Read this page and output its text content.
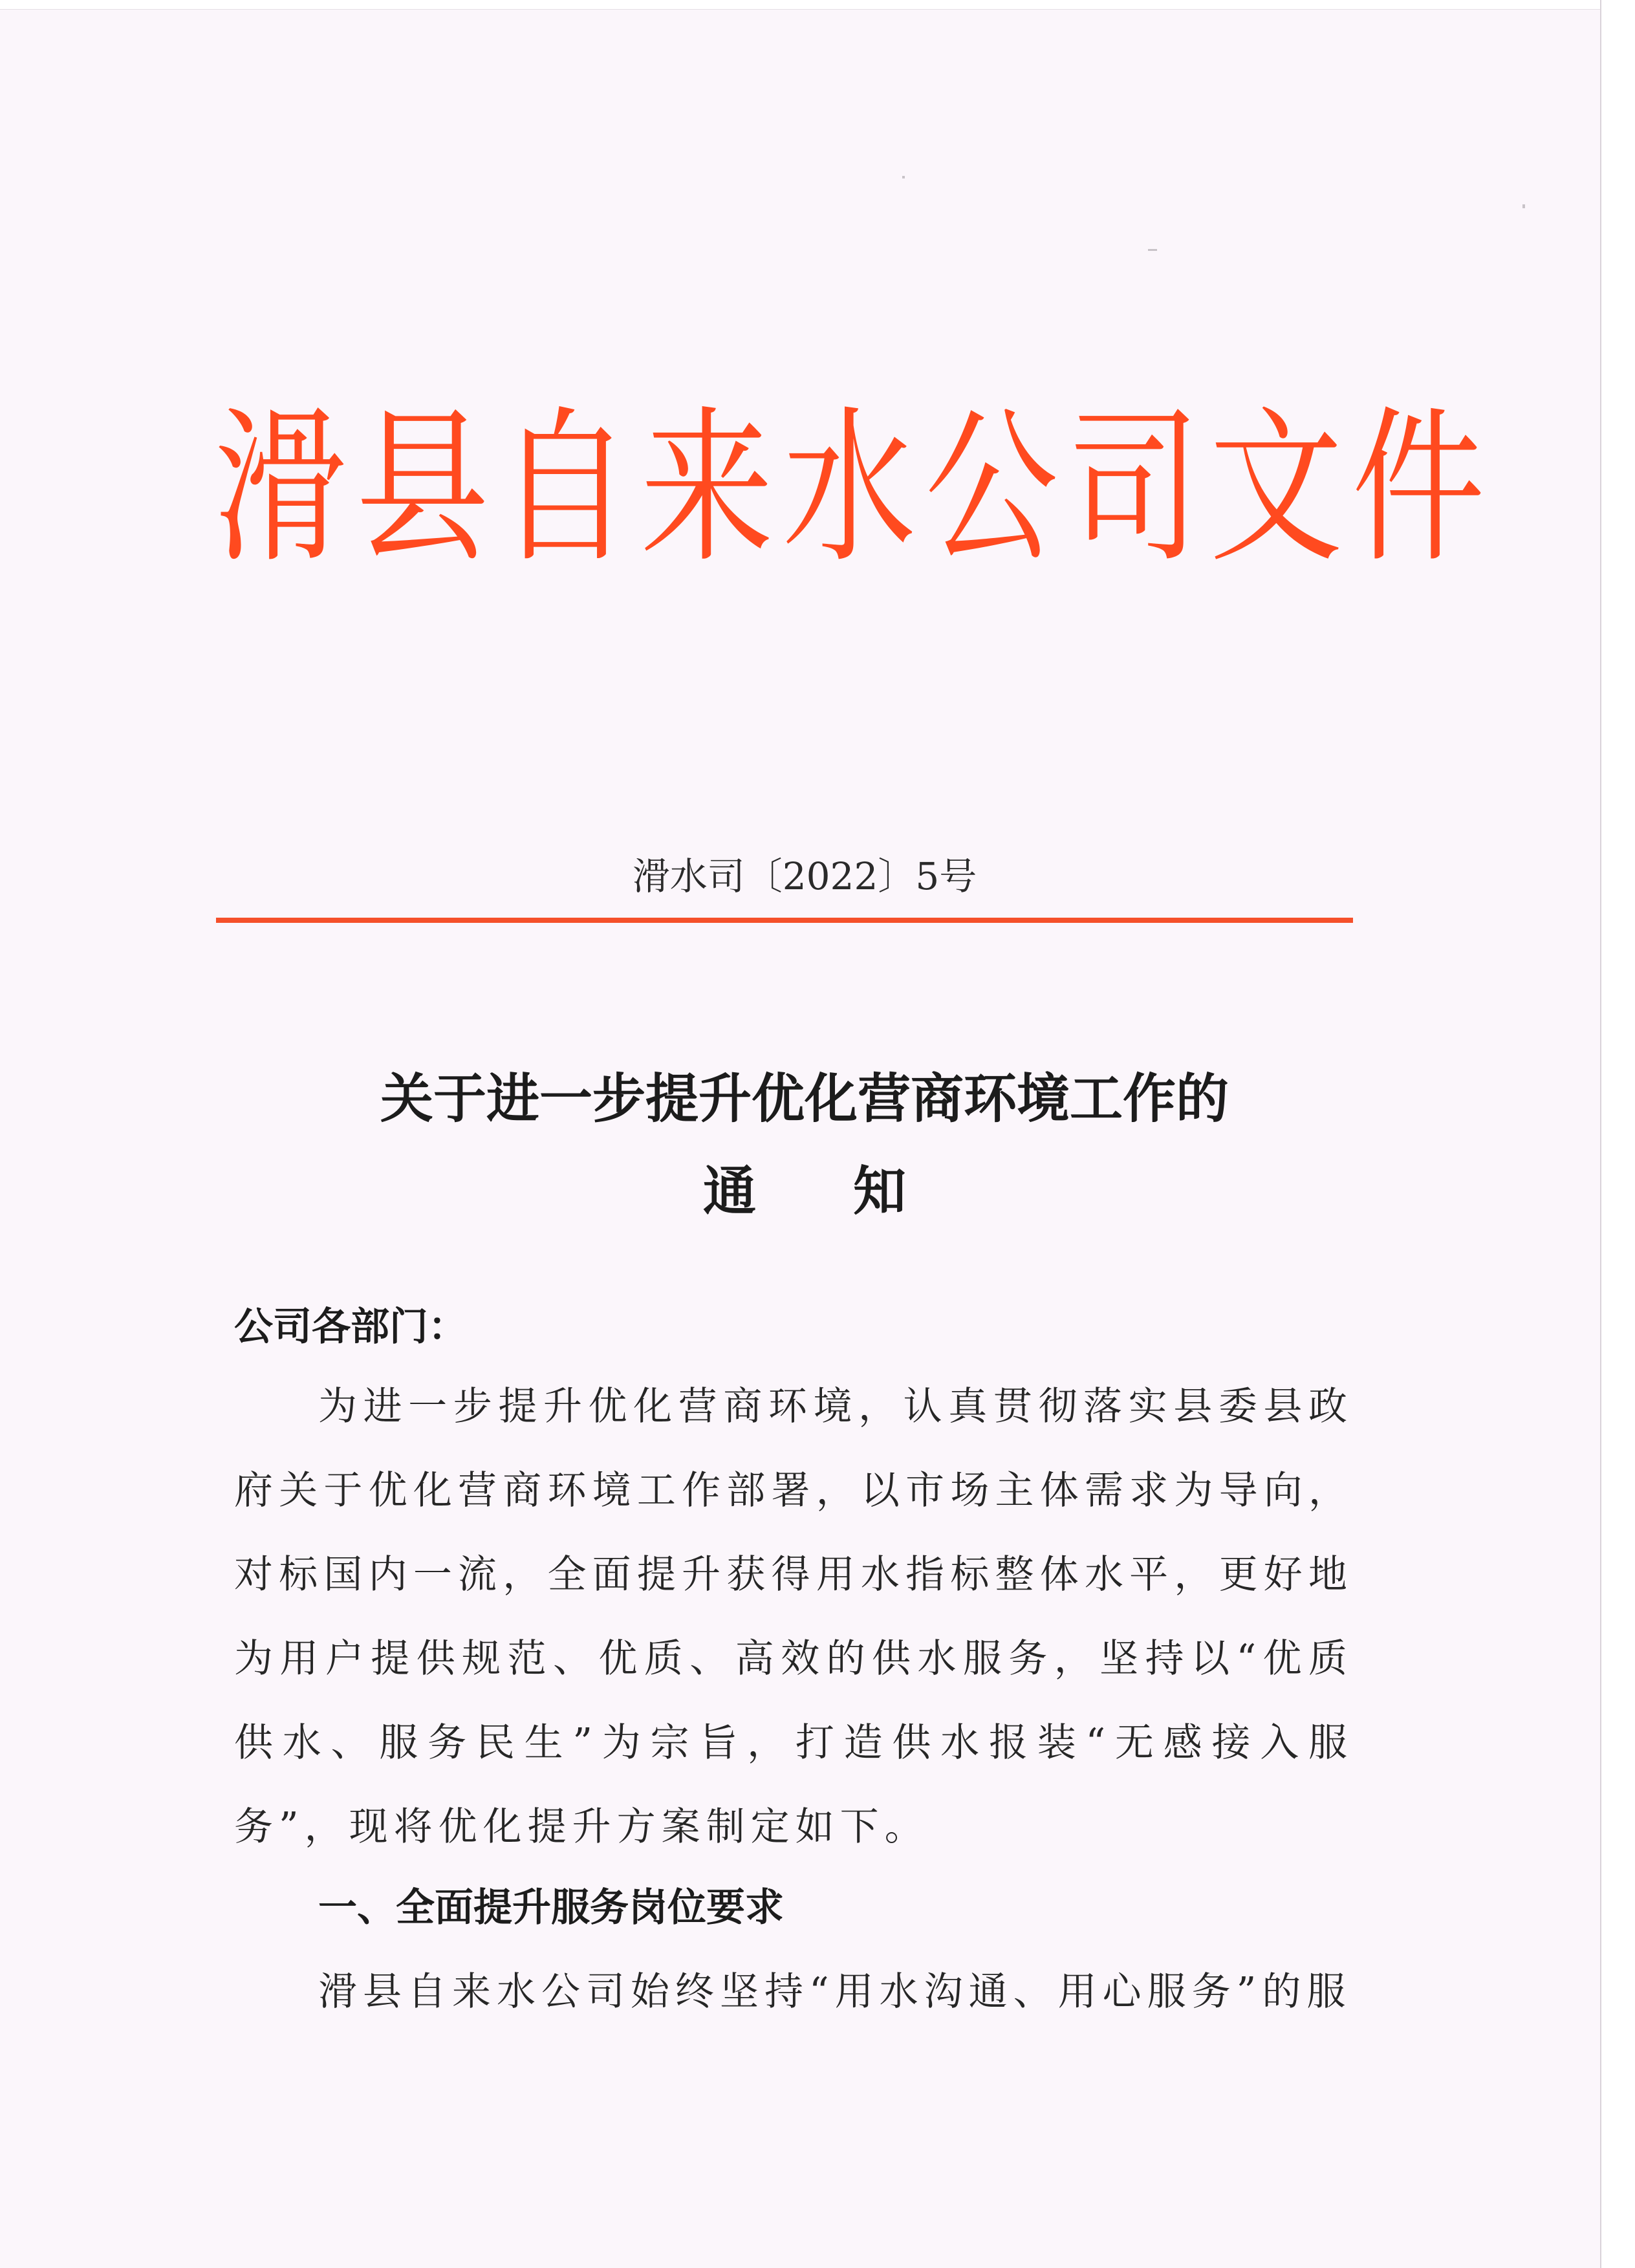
滑县自来水公司文件
滑水司〔2022〕5号
关于进一步提升优化营商环境工作的
通知
公司各部门：

为进一步提升优化营商环境，认真贯彻落实县委县政府关于优化营商环境工作部署，以市场主体需求为导向，对标国内一流，全面提升获得用水指标整体水平，更好地为用户提供规范、优质、高效的供水服务，坚持以“优质供水、服务民生”为宗旨，打造供水报装“无感接入服务”，现将优化提升方案制定如下。

一、全面提升服务岗位要求

滑县自来水公司始终坚持“用水沟通、用心服务”的服
